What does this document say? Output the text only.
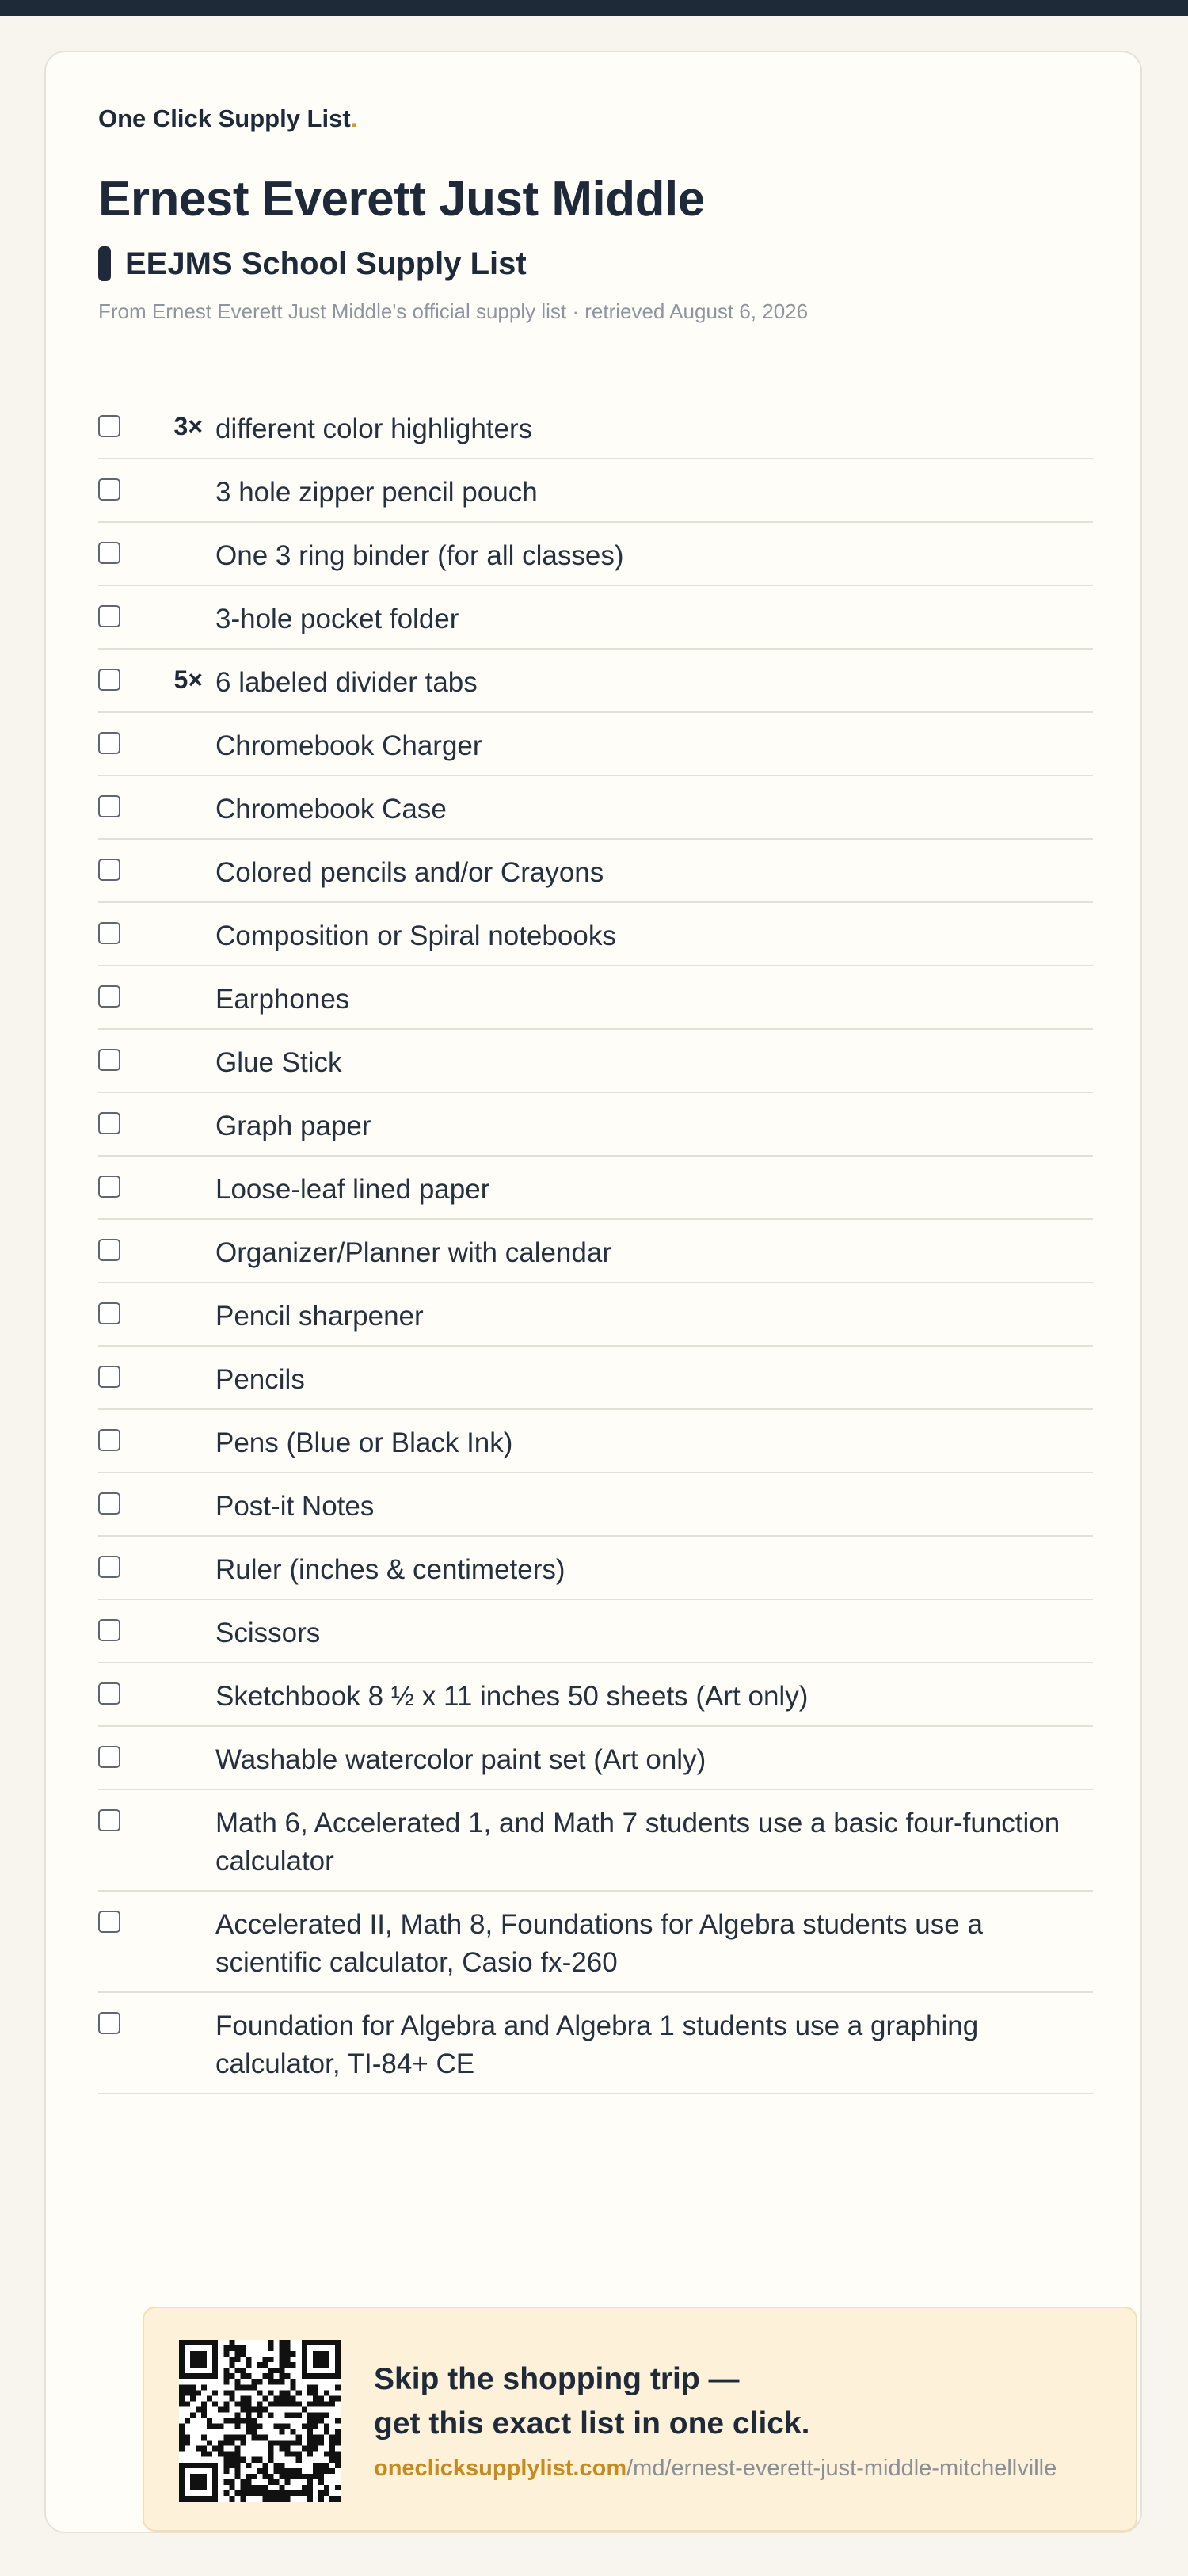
One Click Supply List.
Ernest Everett Just Middle
EEJMS School Supply List
From Ernest Everett Just Middle's official supply list · retrieved August 6, 2026
3× different color highlighters
3 hole zipper pencil pouch
One 3 ring binder (for all classes)
3-hole pocket folder
5× 6 labeled divider tabs
Chromebook Charger
Chromebook Case
Colored pencils and/or Crayons
Composition or Spiral notebooks
Earphones
Glue Stick
Graph paper
Loose-leaf lined paper
Organizer/Planner with calendar
Pencil sharpener
Pencils
Pens (Blue or Black Ink)
Post-it Notes
Ruler (inches & centimeters)
Scissors
Sketchbook 8 ½ x 11 inches 50 sheets (Art only)
Washable watercolor paint set (Art only)
Math 6, Accelerated 1, and Math 7 students use a basic four-function calculator
Accelerated II, Math 8, Foundations for Algebra students use a scientific calculator, Casio fx-260
Foundation for Algebra and Algebra 1 students use a graphing calculator, TI-84+ CE
Skip the shopping trip —
get this exact list in one click.
oneclicksupplylist.com/md/ernest-everett-just-middle-mitchellville
